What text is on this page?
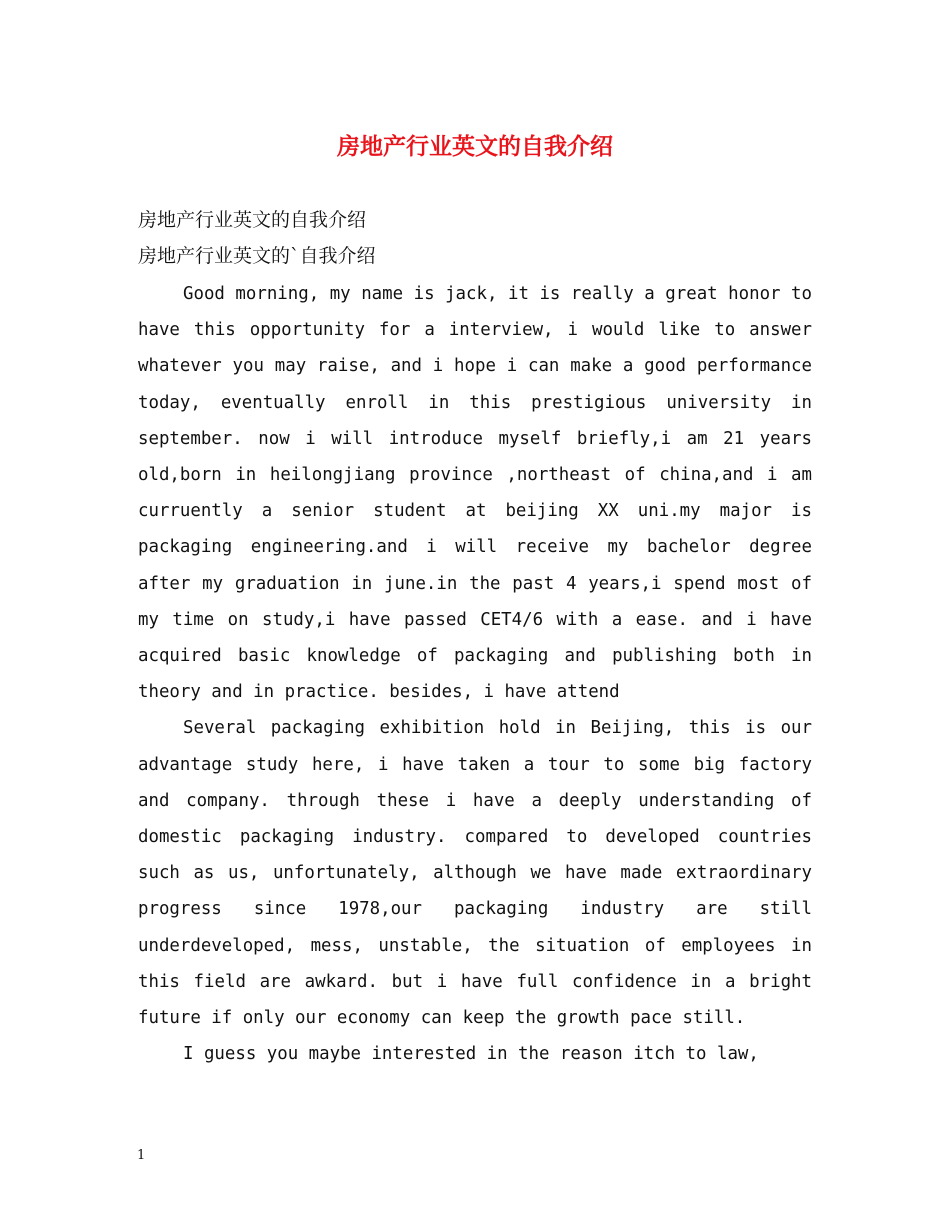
房地产行业英文的自我介绍

房地产行业英文的自我介绍

房地产行业英文的`自我介绍

Good morning, my name is jack, it is really a great honor to have this opportunity for a interview, i would like to answer whatever you may raise, and i hope i can make a good performance today, eventually enroll in this prestigious university in september. now i will introduce myself briefly,i am 21 years old,born in heilongjiang province ,northeast of china,and i am curruently a senior student at beijing XX uni.my major is packaging engineering.and i will receive my bachelor degree after my graduation in june.in the past 4 years,i spend most of my time on study,i have passed CET4/6 with a ease. and i have acquired basic knowledge of packaging and publishing both in theory and in practice. besides, i have attend

Several packaging exhibition hold in Beijing, this is our advantage study here, i have taken a tour to some big factory and company. through these i have a deeply understanding of domestic packaging industry. compared to developed countries such as us, unfortunately, although we have made extraordinary progress since 1978,our packaging industry are still underdeveloped, mess, unstable, the situation of employees in this field are awkard. but i have full confidence in a bright future if only our economy can keep the growth pace still.

I guess you maybe interested in the reason itch to law,

1
